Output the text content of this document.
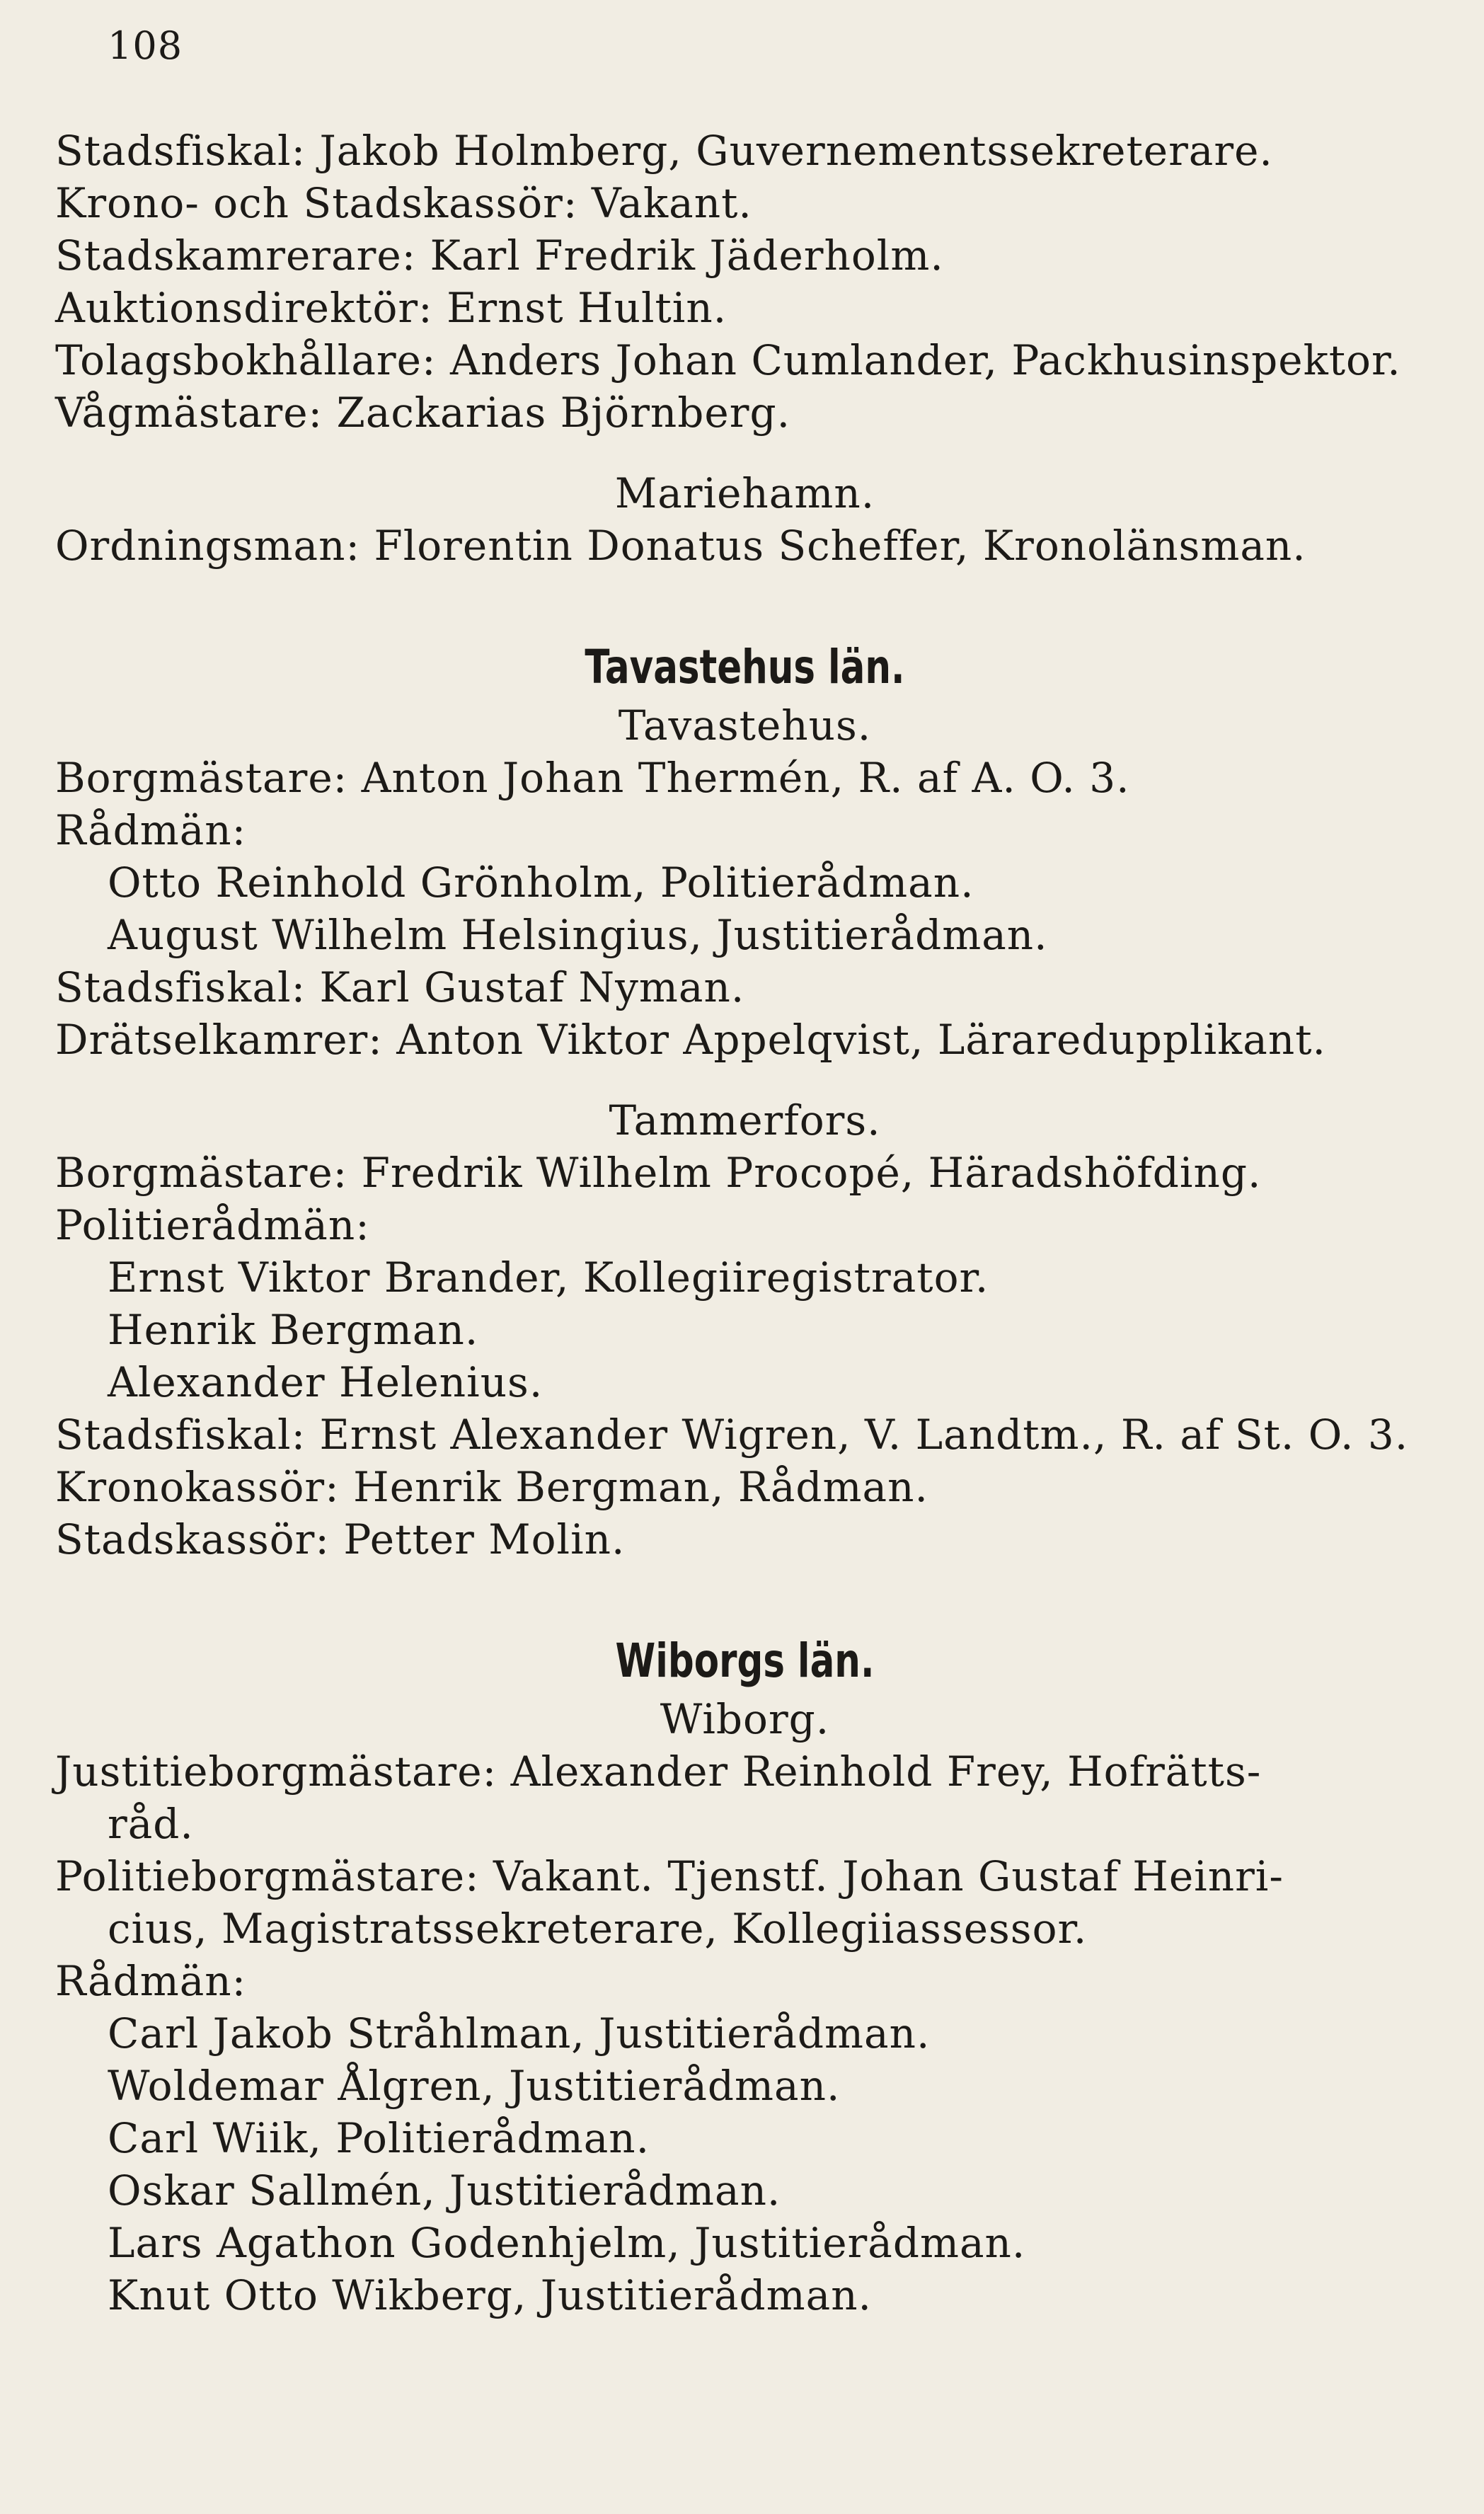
108
Stadsfiskal: Jakob Holmberg, Guvernementssekreterare.
Krono- och Stadskassör: Vakant.
Stadskamrerare: Karl Fredrik Jäderholm.
Auktionsdirektör: Ernst Hultin.
Tolagsbokhållare: Anders Johan Cumlander, Packhusinspektor.
Vågmästare: Zackarias Björnberg.
Mariehamn.
Ordningsman: Florentin Donatus Scheffer, Kronolänsman.
Tavastehus län.
Tavastehus.
Borgmästare: Anton Johan Thermén, R. af A. O. 3.
Rådmän:
Otto Reinhold Grönholm, Politierådman.
August Wilhelm Helsingius, Justitierådman.
Stadsfiskal: Karl Gustaf Nyman.
Drätselkamrer: Anton Viktor Appelqvist, Läraredupplikant.
Tammerfors.
Borgmästare: Fredrik Wilhelm Procopé, Häradshöfding.
Politierådmän:
Ernst Viktor Brander, Kollegiiregistrator.
Henrik Bergman.
Alexander Helenius.
Stadsfiskal: Ernst Alexander Wigren, V. Landtm., R. af St. O. 3.
Kronokassör: Henrik Bergman, Rådman.
Stadskassör: Petter Molin.
Wiborgs län.
Wiborg.
Justitieborgmästare: Alexander Reinhold Frey, Hofrätts-
råd.
Politieborgmästare: Vakant. Tjenstf. Johan Gustaf Heinri-
cius, Magistratssekreterare, Kollegiiassessor.
Rådmän:
Carl Jakob Stråhlman, Justitierådman.
Woldemar Ålgren, Justitierådman.
Carl Wiik, Politierådman.
Oskar Sallmén, Justitierådman.
Lars Agathon Godenhjelm, Justitierådman.
Knut Otto Wikberg, Justitierådman.
